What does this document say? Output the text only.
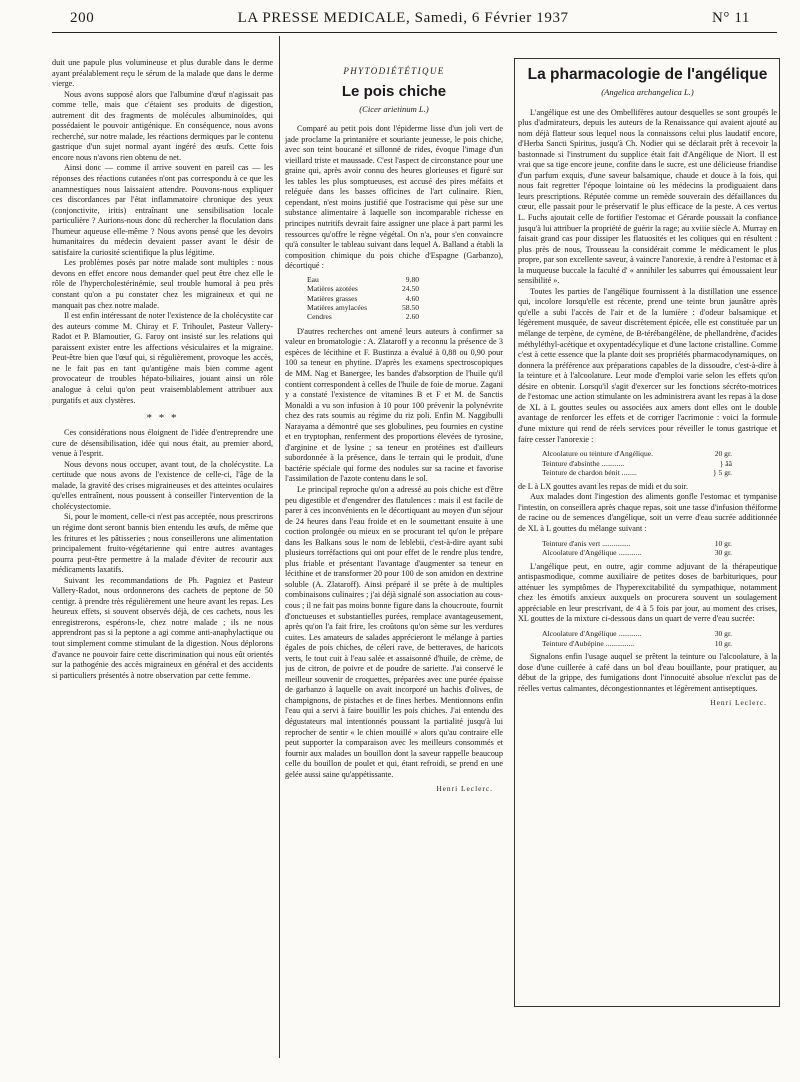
200	LA PRESSE MEDICALE, Samedi, 6 Février 1937	N° 11

duit une papule plus volumineuse et plus durable dans le derme ayant préalablement reçu le sérum de la malade que dans le derme vierge.

Nous avons supposé alors que l'albumine d'œuf n'agissait pas comme telle, mais que c'étaient ses produits de digestion, autrement dit des fragments de molécules albuminoïdes, qui possédaient le pouvoir antigénique. En conséquence, nous avons recherché, sur notre malade, les réactions dermiques par le contenu gastrique d'un sujet normal ayant ingéré des œufs. Cette fois encore nous n'avons rien obtenu de net.

Ainsi donc — comme il arrive souvent en pareil cas — les réponses des réactions cutanées n'ont pas correspondu à ce que les anamnestiques nous laissaient attendre. Pouvons-nous expliquer ces discordances par l'état inflammatoire chronique des yeux (conjonctivite, iritis) entraînant une sensibilisation locale particulière ? Aurions-nous donc dû rechercher la floculation dans l'humeur aqueuse elle-même ? Nous avons pensé que les devoirs humanitaires du médecin devaient passer avant le désir de satisfaire la curiosité scientifique la plus légitime.

Les problèmes posés par notre malade sont multiples : nous devons en effet encore nous demander quel peut être chez elle le rôle de l'hypercholestérinémie, seul trouble humoral à peu près constant qu'on a pu constater chez les migraineux et qui ne manquait pas chez notre malade.

Il est enfin intéressant de noter l'existence de la cholécystite car des auteurs comme M. Chiray et F. Trihoulet, Pasteur Vallery-Radot et P. Blamoutier, G. Faroy ont insisté sur les relations qui paraissent exister entre les affections vésiculaires et la migraine. Peut-être bien que l'œuf qui, si régulièrement, provoque les accès, ne le fait pas en tant qu'antigène mais bien comme agent provocateur de troubles hépato-biliaires, jouant ainsi un rôle analogue à celui qu'on peut vraisemblablement attribuer aux purgatifs et aux clystères.

* * *

Ces considérations nous éloignent de l'idée d'entreprendre une cure de désensibilisation, idée qui nous était, au premier abord, venue à l'esprit.

Nous devons nous occuper, avant tout, de la cholécystite. La certitude que nous avons de l'existence de celle-ci, l'âge de la malade, la gravité des crises migraineuses et des atteintes oculaires qu'elles entraînent, nous poussent à conseiller l'intervention de la cholécystectomie.

Si, pour le moment, celle-ci n'est pas acceptée, nous prescrirons un régime dont seront bannis bien entendu les œufs, de même que les fritures et les pâtisseries ; nous conseillerons une alimentation principalement fruito-végétarienne qui entre autres avantages pourra peut-être permettre à la malade d'éviter de recourir aux médicaments laxatifs.

Suivant les recommandations de Ph. Pagniez et Pasteur Vallery-Radot, nous ordonnerons des cachets de peptone de 50 centigr. à prendre très régulièrement une heure avant les repas. Les heureux effets, si souvent observés déjà, de ces cachets, nous les enregistrerons, espérons-le, chez notre malade ; ils ne nous apprendront pas si la peptone a agi comme anti-anaphylactique ou tout simplement comme stimulant de la digestion. Nous déplorons d'avance ne pouvoir faire cette discrimination qui nous eût orientés sur la pathogénie des accès migraineux en général et des accidents si particuliers présentés à notre observation par cette femme.

PHYTODIÉTÉTIQUE
Le pois chiche
(Cicer arietinum L.)

Comparé au petit pois dont l'épiderme lisse d'un joli vert de jade proclame la printanière et souriante jeunesse, le pois chiche, avec son teint boucané et sillonné de rides, évoque l'image d'un vieillard triste et maussade. C'est l'aspect de circonstance pour une graine qui, après avoir connu des heures glorieuses et figuré sur les tables les plus somptueuses, est accusé des pires méfaits et reléguée dans les basses officines de l'art culinaire. Rien, cependant, n'est moins justifié que l'ostracisme qui pèse sur une substance alimentaire à laquelle son incomparable richesse en principes nutritifs devrait faire assigner une place à part parmi les ressources qu'offre le règne végétal. On n'a, pour s'en convaincre qu'à consulter le tableau suivant dans lequel A. Balland a établi la composition chimique du pois chiche d'Espagne (Garbanzo), décortiqué :

Eau	9.80
Matières azotées	24.50
Matières grasses	4.60
Matières amylacées	58.50
Cendres	2.60

D'autres recherches ont amené leurs auteurs à confirmer sa valeur en bromatologie : A. Zlataroff y a reconnu la présence de 3 espèces de lécithine et F. Bustinza a évalué à 0,88 ou 0,90 pour 100 sa teneur en phytine. D'après les examens spectroscopiques de MM. Nag et Banergee, les bandes d'absorption de l'huile qu'il contient correspondent à celles de l'huile de foie de morue. Zagani y a constaté l'existence de vitamines B et F et M. de Sanctis Monaldi a vu son infusion à 10 pour 100 prévenir la polynévrite chez des rats soumis au régime du riz poli. Enfin M. Naggibulli Narayama a démontré que ses globulines, peu fournies en cystine et en tryptophan, renferment des proportions élevées de tyrosine, d'arginine et de lysine ; sa teneur en protéines est d'ailleurs subordonnée à la présence, dans le terrain qui le produit, d'une bactérie spéciale qui forme des nodules sur sa racine et favorise l'assimilation de l'azote contenu dans le sol.

Le principal reproche qu'on a adressé au pois chiche est d'être peu digestible et d'engendrer des flatulences : mais il est facile de parer à ces inconvénients en le décortiquant au moyen d'un séjour de 24 heures dans l'eau froide et en le soumettant ensuite à une coction prolongée ou mieux en se procurant tel qu'on le prépare dans les Balkans sous le nom de leblebii, c'est-à-dire ayant subi plusieurs torréfactions qui ont pour effet de le rendre plus tendre, plus friable et présentant l'avantage d'augmenter sa teneur en lécithine et de transformer 20 pour 100 de son amidon en dextrine soluble (A. Zlataroff). Ainsi préparé il se prête à de multiples combinaisons culinaires ; j'ai déjà signalé son association au cous-cous ; il ne fait pas moins bonne figure dans la choucroute, fournit d'onctueuses et substantielles purées, remplace avantageusement, après qu'on l'a fait frire, les croûtons qu'on sème sur les verdures cuites. Les amateurs de salades apprécieront le mélange à parties égales de pois chiches, de céleri rave, de betteraves, de haricots verts, le tout cuit à l'eau salée et assaisonné d'huile, de crème, de jus de citron, de poivre et de poudre de sariette. J'ai conservé le meilleur souvenir de croquettes, préparées avec une purée épaisse de garbanzo à laquelle on avait incorporé un hachis d'olives, de champignons, de pistaches et de fines herbes. Mentionnons enfin l'eau qui a servi à faire bouillir les pois chiches. J'ai entendu des dégustateurs mal intentionnés poussant la partialité jusqu'à lui reprocher de sentir « le chien mouillé » alors qu'au contraire elle peut supporter la comparaison avec les meilleurs consommés et fournir aux malades un bouillon dont la saveur rappelle beaucoup celle du bouillon de poulet et qui, étant refroidi, se prend en une gelée aussi saine qu'appétissante.

Henri Leclerc.
La pharmacologie de l'angélique
(Angelica archangelica L.)

L'angélique est une des Ombellifères autour desquelles se sont groupés le plus d'admirateurs, depuis les auteurs de la Renaissance qui avaient ajouté au nom déjà flatteur sous lequel nous la connaissons celui plus laudatif encore, d'Herba Sancti Spiritus, jusqu'à Ch. Nodier qui se déclarait prêt à recevoir la bastonnade si l'instrument du supplice était fait d'Angélique de Niort. Il est vrai que sa tige encore jeune, confite dans le sucre, est une délicieuse friandise d'un parfum exquis, d'une saveur balsamique, chaude et douce à la fois, qui nous fait regretter l'époque lointaine où les médecins la prodiguaient dans leurs prescriptions. Réputée comme un remède souverain des défaillances du cœur, elle passait pour le préservatif le plus efficace de la peste. A ces vertus L. Fuchs ajoutait celle de fortifier l'estomac et Gérarde poussait la confiance jusqu'à lui attribuer la propriété de guérir la rage; au xviiie siècle A. Murray en faisait grand cas pour dissiper les flatuosités et les coliques qui en résultent : plus près de nous, Trousseau la considérait comme le médicament le plus propre, par son excellente saveur, à vaincre l'anorexie, à rendre à l'estomac et à la muqueuse buccale la faculté d' « annihiler les saburres qui émoussaient leur sensibilité ».

Toutes les parties de l'angélique fournissent à la distillation une essence qui, incolore lorsqu'elle est récente, prend une teinte brun jaunâtre après qu'elle a subi l'accès de l'air et de la lumière : d'odeur balsamique et légèrement musquée, de saveur discrètement épicée, elle est constituée par un mélange de terpène, de cymène, de B-térébangélène, de phellandrène, d'acides méthyléthyl-acétique et oxypentadécylique et d'une lactone cristalline. Comme c'est à cette essence que la plante doit ses propriétés pharmacodynamiques, on donnera la préférence aux préparations capables de la dissoudre, c'est-à-dire à la teinture et à l'alcoolature. Leur mode d'emploi varie selon les effets qu'on désire en obtenir. Lorsqu'il s'agit d'exercer sur les fonctions sécréto-motrices de l'estomac une action stimulante on les administrera avant les repas à la dose de XL à L gouttes seules ou associées aux amers dont elles ont le double avantage de renforcer les effets et de corriger l'acrimonie : voici la formule d'une mixture qui rend de réels services pour réveiller le tonus gastrique et faire cesser l'anorexie :

Alcoolature ou teinture d'Angélique.	20 gr.
Teinture d'absinthe ............	} ââ
Teinture de chardon bénit ........	} 5 gr.

de L à LX gouttes avant les repas de midi et du soir.

Aux malades dont l'ingestion des aliments gonfle l'estomac et tympanise l'intestin, on conseillera après chaque repas, soit une tasse d'infusion théiforme de racine ou de semences d'angélique, soit un verre d'eau sucrée additionnée de XL à L gouttes du mélange suivant :

Teinture d'anis vert ...............	10 gr.
Alcoolature d'Angélique ............	30 gr.

L'angélique peut, en outre, agir comme adjuvant de la thérapeutique antispasmodique, comme auxiliaire de petites doses de barbituriques, pour atténuer les symptômes de l'hyperexcitabilité du sympathique, notamment chez les émotifs anxieux auxquels on procurera souvent un soulagement appréciable en leur prescrivant, de 4 à 5 fois par jour, au moment des crises, XL gouttes de la mixture ci-dessous dans un quart de verre d'eau sucrée:

Alcoolature d'Angélique ............	30 gr.
Teinture d'Aubépine ...............	10 gr.

Signalons enfin l'usage auquel se prêtent la teinture ou l'alcoolature, à la dose d'une cuillerée à café dans un bol d'eau bouillante, pour pratiquer, au début de la grippe, des fumigations dont l'innocuité absolue n'exclut pas de réelles vertus calmantes, décongestionnantes et légèrement antiseptiques.

Henri Leclerc.
